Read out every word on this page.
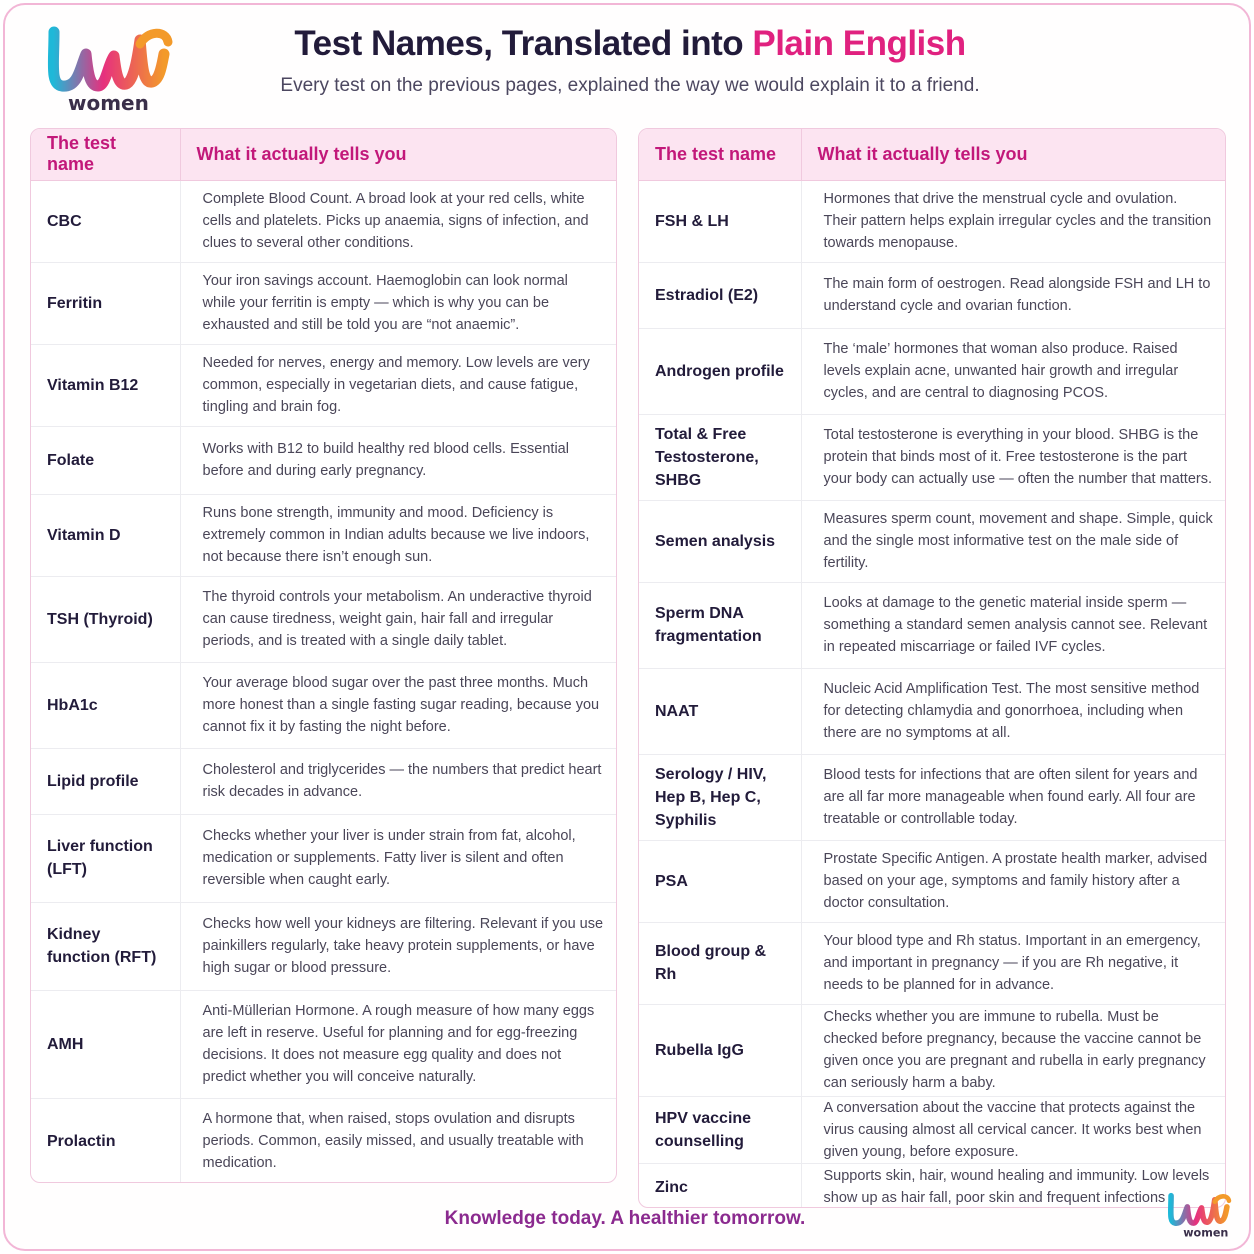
women
Test Names, Translated into Plain English
Every test on the previous pages, explained the way we would explain it to a friend.
The test name	What it actually tells you
CBC	Complete Blood Count. A broad look at your red cells, white cells and platelets. Picks up anaemia, signs of infection, and clues to several other conditions.
Ferritin	Your iron savings account. Haemoglobin can look normal while your ferritin is empty — which is why you can be exhausted and still be told you are “not anaemic”.
Vitamin B12	Needed for nerves, energy and memory. Low levels are very common, especially in vegetarian diets, and cause fatigue, tingling and brain fog.
Folate	Works with B12 to build healthy red blood cells. Essential before and during early pregnancy.
Vitamin D	Runs bone strength, immunity and mood. Deficiency is extremely common in Indian adults because we live indoors, not because there isn’t enough sun.
TSH (Thyroid)	The thyroid controls your metabolism. An underactive thyroid can cause tiredness, weight gain, hair fall and irregular periods, and is treated with a single daily tablet.
HbA1c	Your average blood sugar over the past three months. Much more honest than a single fasting sugar reading, because you cannot fix it by fasting the night before.
Lipid profile	Cholesterol and triglycerides — the numbers that predict heart risk decades in advance.
Liver function (LFT)	Checks whether your liver is under strain from fat, alcohol, medication or supplements. Fatty liver is silent and often reversible when caught early.
Kidney function (RFT)	Checks how well your kidneys are filtering. Relevant if you use painkillers regularly, take heavy protein supplements, or have high sugar or blood pressure.
AMH	Anti-Müllerian Hormone. A rough measure of how many eggs are left in reserve. Useful for planning and for egg-freezing decisions. It does not measure egg quality and does not predict whether you will conceive naturally.
Prolactin	A hormone that, when raised, stops ovulation and disrupts periods. Common, easily missed, and usually treatable with medication.
The test name	What it actually tells you
FSH & LH	Hormones that drive the menstrual cycle and ovulation. Their pattern helps explain irregular cycles and the transition towards menopause.
Estradiol (E2)	The main form of oestrogen. Read alongside FSH and LH to understand cycle and ovarian function.
Androgen profile	The ‘male’ hormones that woman also produce. Raised levels explain acne, unwanted hair growth and irregular cycles, and are central to diagnosing PCOS.
Total & Free Testosterone, SHBG	Total testosterone is everything in your blood. SHBG is the protein that binds most of it. Free testosterone is the part your body can actually use — often the number that matters.
Semen analysis	Measures sperm count, movement and shape. Simple, quick and the single most informative test on the male side of fertility.
Sperm DNA fragmentation	Looks at damage to the genetic material inside sperm — something a standard semen analysis cannot see. Relevant in repeated miscarriage or failed IVF cycles.
NAAT	Nucleic Acid Amplification Test. The most sensitive method for detecting chlamydia and gonorrhoea, including when there are no symptoms at all.
Serology / HIV, Hep B, Hep C, Syphilis	Blood tests for infections that are often silent for years and are all far more manageable when found early. All four are treatable or controllable today.
PSA	Prostate Specific Antigen. A prostate health marker, advised based on your age, symptoms and family history after a doctor consultation.
Blood group & Rh	Your blood type and Rh status. Important in an emergency, and important in pregnancy — if you are Rh negative, it needs to be planned for in advance.
Rubella IgG	Checks whether you are immune to rubella. Must be checked before pregnancy, because the vaccine cannot be given once you are pregnant and rubella in early pregnancy can seriously harm a baby.
HPV vaccine counselling	A conversation about the vaccine that protects against the virus causing almost all cervical cancer. It works best when given young, before exposure.
Zinc	Supports skin, hair, wound healing and immunity. Low levels show up as hair fall, poor skin and frequent infections
Knowledge today. A healthier tomorrow.
women
